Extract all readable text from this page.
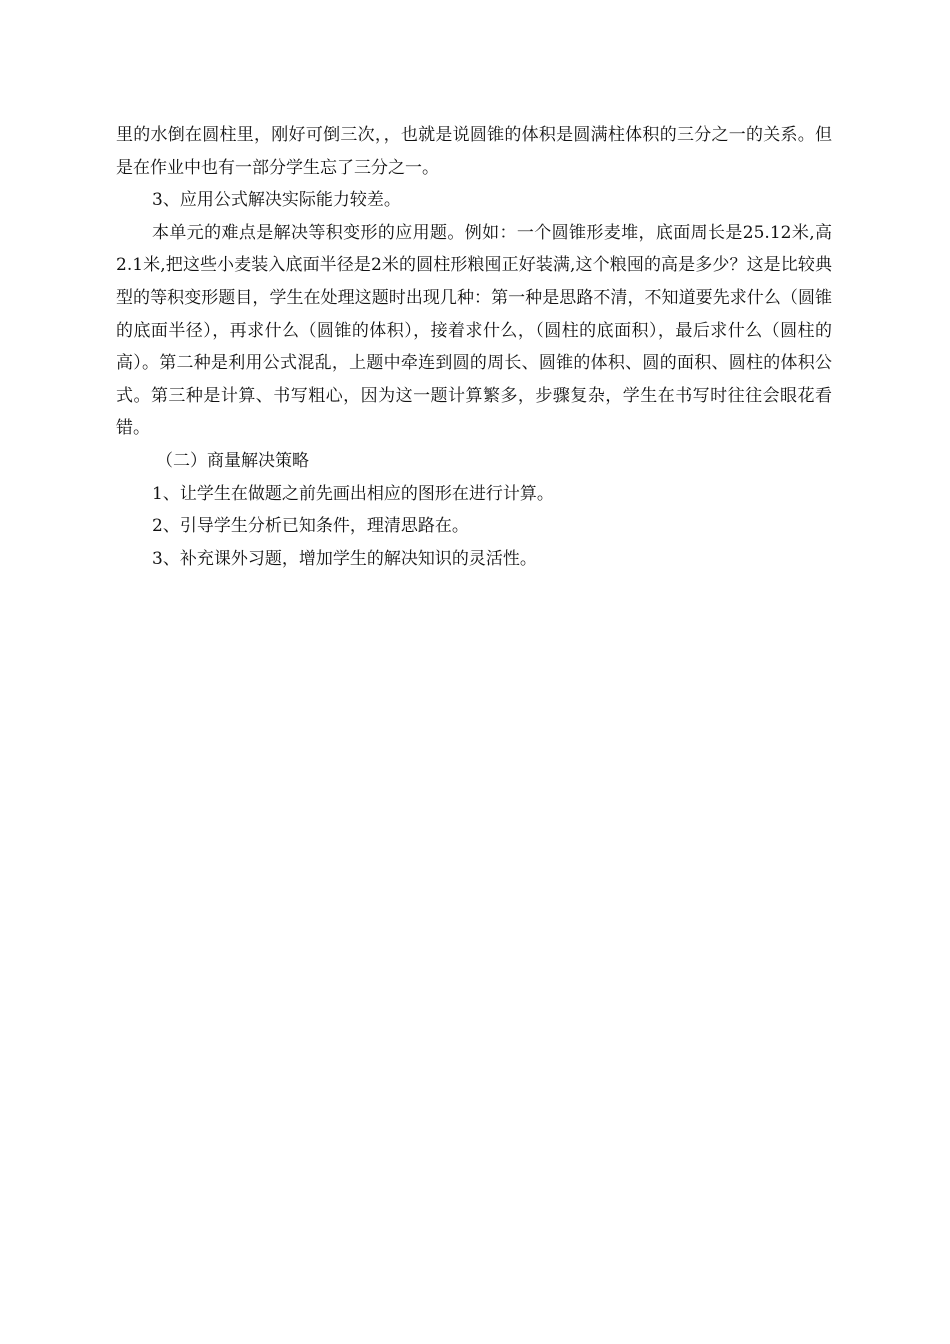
里的水倒在圆柱里，刚好可倒三次，，也就是说圆锥的体积是圆满柱体积的三分之一的关系。但是在作业中也有一部分学生忘了三分之一。

3、应用公式解决实际能力较差。

本单元的难点是解决等积变形的应用题。例如：一个圆锥形麦堆，底面周长是25.12米,高2.1米,把这些小麦装入底面半径是2米的圆柱形粮囤正好装满,这个粮囤的高是多少？这是比较典型的等积变形题目，学生在处理这题时出现几种：第一种是思路不清，不知道要先求什么（圆锥的底面半径），再求什么（圆锥的体积），接着求什么，（圆柱的底面积），最后求什么（圆柱的高）。第二种是利用公式混乱，上题中牵连到圆的周长、圆锥的体积、圆的面积、圆柱的体积公式。第三种是计算、书写粗心，因为这一题计算繁多，步骤复杂，学生在书写时往往会眼花看错。

（二）商量解决策略

1、让学生在做题之前先画出相应的图形在进行计算。

2、引导学生分析已知条件，理清思路在。

3、补充课外习题，增加学生的解决知识的灵活性。
